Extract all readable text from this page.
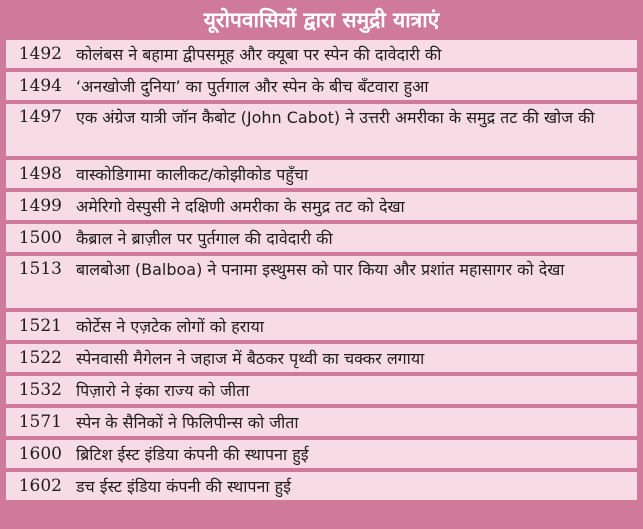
यूरोपवासियों द्वारा समुद्री यात्राएं
1492 कोलंबस ने बहामा द्वीपसमूह और क्यूबा पर स्पेन की दावेदारी की
1494 ‘अनखोजी दुनिया’ का पुर्तगाल और स्पेन के बीच बँटवारा हुआ
1497 एक अंग्रेज यात्री जॉन कैबोट (John Cabot) ने उत्तरी अमरीका के समुद्र तट की खोज की
1498 वास्कोडिगामा कालीकट/कोझीकोड पहुँचा
1499 अमेरिगो वेस्पुसी ने दक्षिणी अमरीका के समुद्र तट को देखा
1500 कैब्राल ने ब्राज़ील पर पुर्तगाल की दावेदारी की
1513 बालबोआ (Balboa) ने पनामा इस्थुमस को पार किया और प्रशांत महासागर को देखा
1521 कोर्टेस ने एज़टेक लोगों को हराया
1522 स्पेनवासी मैगेलन ने जहाज में बैठकर पृथ्वी का चक्कर लगाया
1532 पिज़ारो ने इंका राज्य को जीता
1571 स्पेन के सैनिकों ने फिलिपीन्स को जीता
1600 ब्रिटिश ईस्ट इंडिया कंपनी की स्थापना हुई
1602 डच ईस्ट इंडिया कंपनी की स्थापना हुई
